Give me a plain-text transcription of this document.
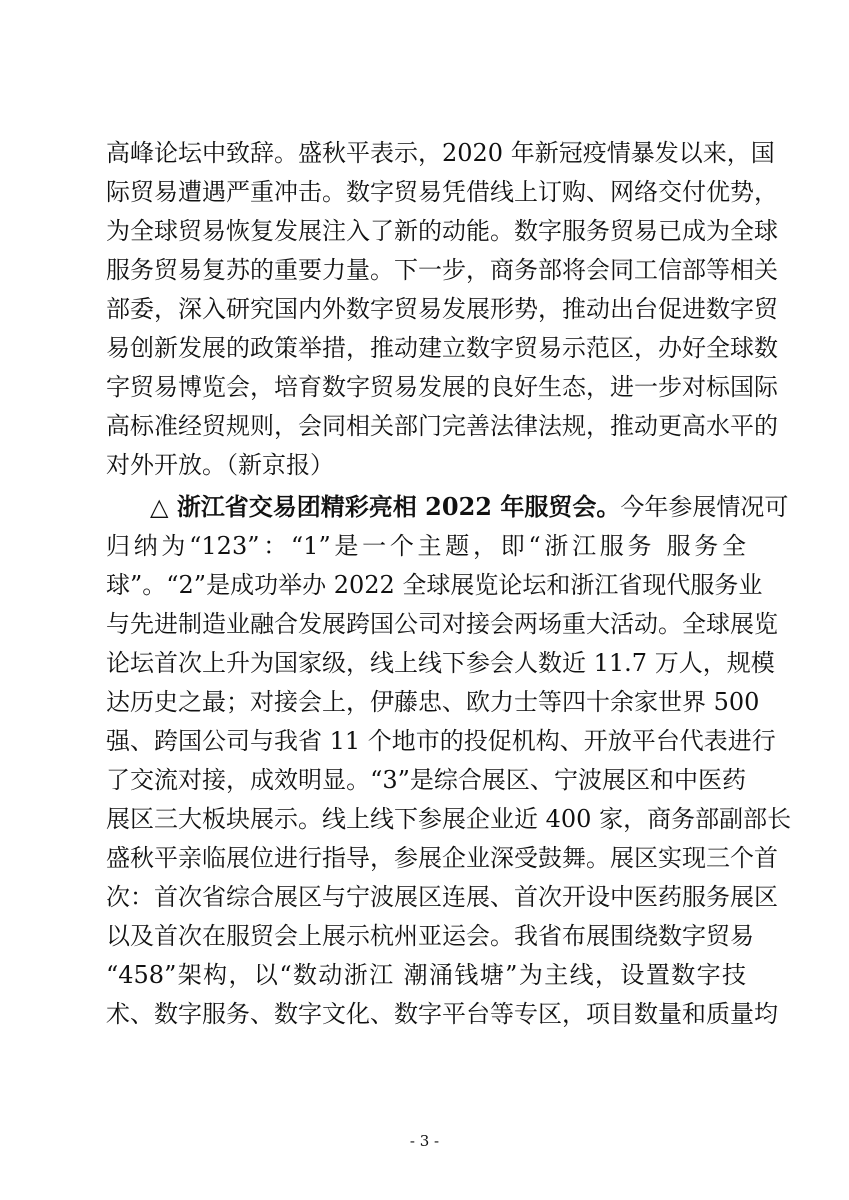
高峰论坛中致辞。盛秋平表示，2020 年新冠疫情暴发以来，国
际贸易遭遇严重冲击。数字贸易凭借线上订购、网络交付优势，
为全球贸易恢复发展注入了新的动能。数字服务贸易已成为全球
服务贸易复苏的重要力量。下一步，商务部将会同工信部等相关
部委，深入研究国内外数字贸易发展形势，推动出台促进数字贸
易创新发展的政策举措，推动建立数字贸易示范区，办好全球数
字贸易博览会，培育数字贸易发展的良好生态，进一步对标国际
高标准经贸规则，会同相关部门完善法律法规，推动更高水平的
对外开放。（新京报）
△ 浙江省交易团精彩亮相 2022 年服贸会。今年参展情况可
归纳为“123”：“1”是一个主题，即“浙江服务 服务全
球”。“2”是成功举办 2022 全球展览论坛和浙江省现代服务业
与先进制造业融合发展跨国公司对接会两场重大活动。全球展览
论坛首次上升为国家级，线上线下参会人数近 11.7 万人，规模
达历史之最；对接会上，伊藤忠、欧力士等四十余家世界 500
强、跨国公司与我省 11 个地市的投促机构、开放平台代表进行
了交流对接，成效明显。“3”是综合展区、宁波展区和中医药
展区三大板块展示。线上线下参展企业近 400 家，商务部副部长
盛秋平亲临展位进行指导，参展企业深受鼓舞。展区实现三个首
次：首次省综合展区与宁波展区连展、首次开设中医药服务展区
以及首次在服贸会上展示杭州亚运会。我省布展围绕数字贸易
“458”架构，以“数动浙江 潮涌钱塘”为主线，设置数字技
术、数字服务、数字文化、数字平台等专区，项目数量和质量均
- 3 -
